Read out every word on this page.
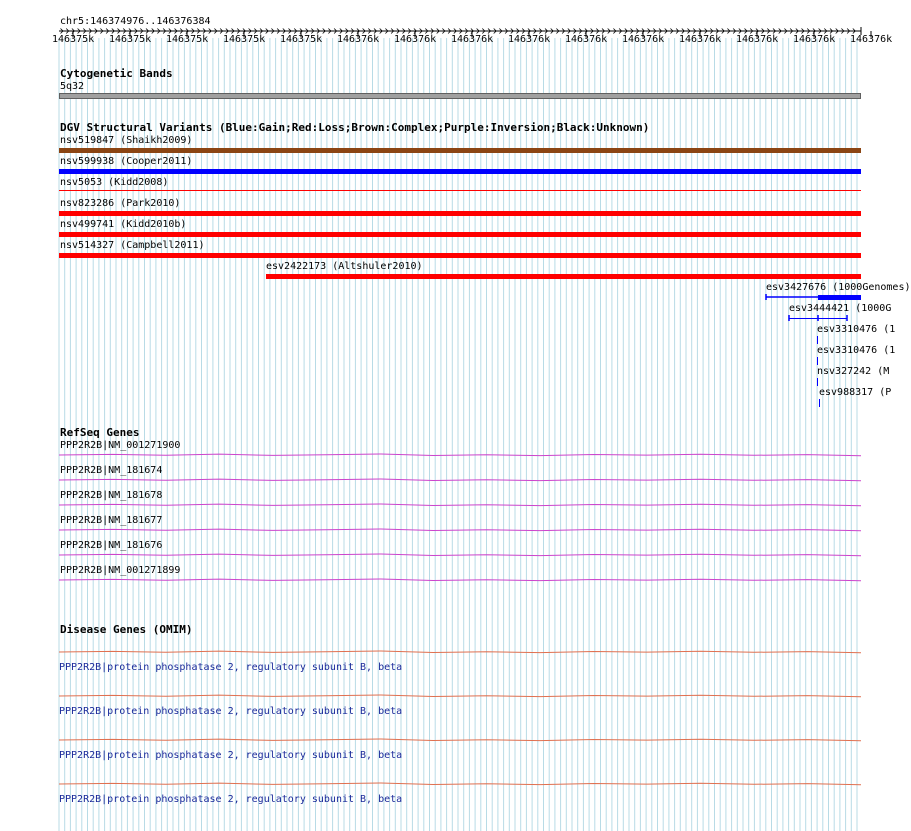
chr5:146374976..146376384
146375k 146375k 146375k 146375k 146375k 146376k 146376k 146376k 146376k 146376k 146376k 146376k 146376k 146376k 146376k
Cytogenetic Bands
5q32
DGV Structural Variants (Blue:Gain;Red:Loss;Brown:Complex;Purple:Inversion;Black:Unknown)
nsv519847 (Shaikh2009)
nsv599938 (Cooper2011)
nsv5053 (Kidd2008)
nsv823286 (Park2010)
nsv499741 (Kidd2010b)
nsv514327 (Campbell2011)
esv2422173 (Altshuler2010)
esv3427676 (1000Genomes)
esv3444421 (1000G
esv3310476 (1
esv3310476 (1
nsv327242 (M
esv988317 (P
RefSeq Genes
PPP2R2B|NM_001271900
PPP2R2B|NM_181674
PPP2R2B|NM_181678
PPP2R2B|NM_181677
PPP2R2B|NM_181676
PPP2R2B|NM_001271899
Disease Genes (OMIM)
PPP2R2B|protein phosphatase 2, regulatory subunit B, beta
PPP2R2B|protein phosphatase 2, regulatory subunit B, beta
PPP2R2B|protein phosphatase 2, regulatory subunit B, beta
PPP2R2B|protein phosphatase 2, regulatory subunit B, beta
